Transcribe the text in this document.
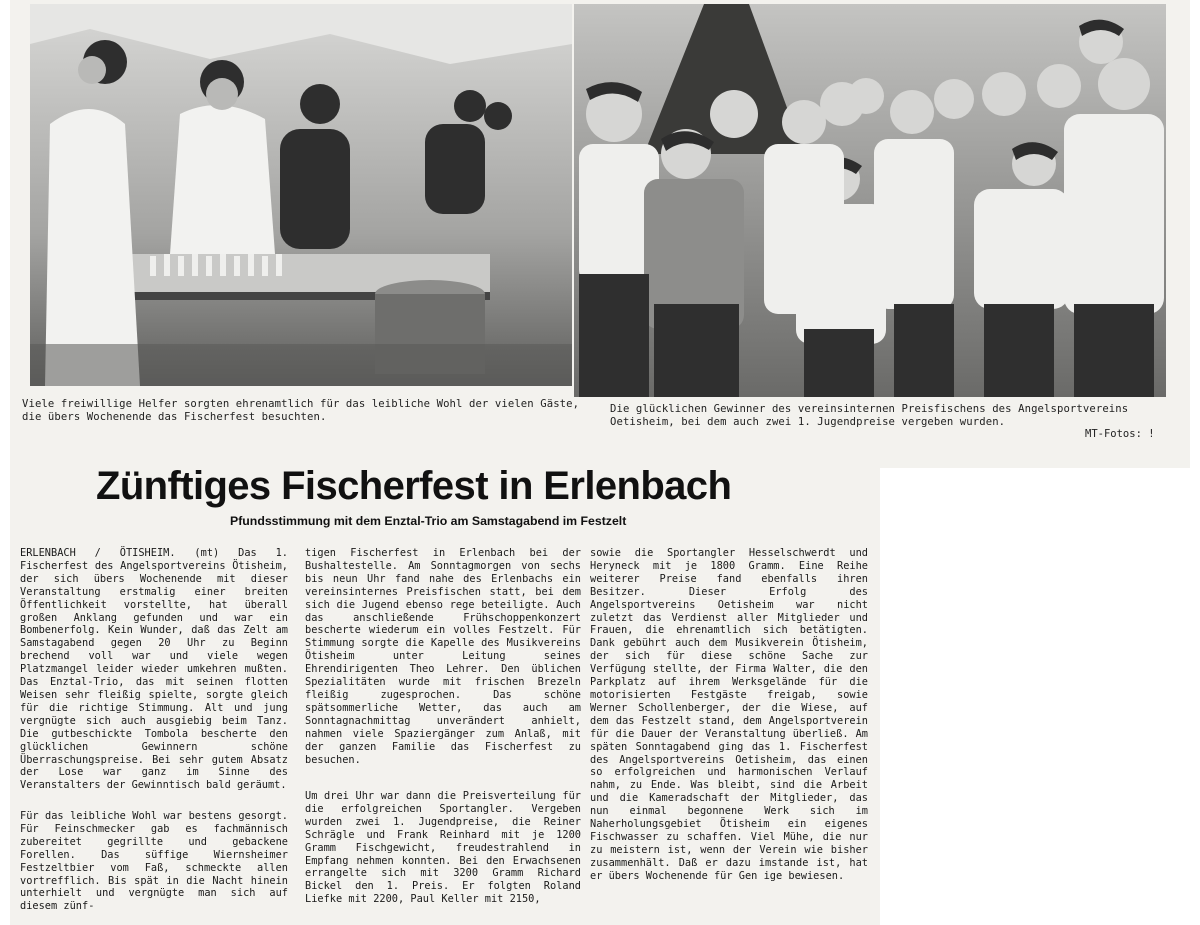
Viele freiwillige Helfer sorgten ehrenamtlich für das leibliche Wohl der vielen Gäste,
die übers Wochenende das Fischerfest besuchten.
Die glücklichen Gewinner des vereinsinternen Preisfischens des Angelsportvereins
Oetisheim, bei dem auch zwei 1. Jugendpreise vergeben wurden.
MT-Fotos: !
Zünftiges Fischerfest in Erlenbach
Pfundsstimmung mit dem Enztal-Trio am Samstagabend im Festzelt
ERLENBACH / ÖTISHEIM. (mt) Das 1. Fischerfest des Angelsportvereins Ötisheim, der sich übers Wochenende mit dieser Veranstaltung erstmalig einer breiten Öffentlichkeit vorstellte, hat überall großen Anklang gefunden und war ein Bombenerfolg. Kein Wunder, daß das Zelt am Samstagabend gegen 20 Uhr zu Beginn brechend voll war und viele wegen Platzmangel leider wieder umkehren mußten. Das Enztal-Trio, das mit seinen flotten Weisen sehr fleißig spielte, sorgte gleich für die richtige Stimmung. Alt und jung vergnügte sich auch ausgiebig beim Tanz. Die gutbeschickte Tombola bescherte den glücklichen Gewinnern schöne Überraschungspreise. Bei sehr gutem Absatz der Lose war ganz im Sinne des Veranstalters der Gewinntisch bald geräumt.
Für das leibliche Wohl war bestens gesorgt. Für Feinschmecker gab es fachmännisch zubereitet gegrillte und gebackene Forellen. Das süffige Wiernsheimer Festzeltbier vom Faß, schmeckte allen vortrefflich. Bis spät in die Nacht hinein unterhielt und vergnügte man sich auf diesem zünf-
tigen Fischerfest in Erlenbach bei der Bushaltestelle. Am Sonntagmorgen von sechs bis neun Uhr fand nahe des Erlenbachs ein vereinsinternes Preisfischen statt, bei dem sich die Jugend ebenso rege beteiligte. Auch das anschließende Frühschoppenkonzert bescherte wiederum ein volles Festzelt. Für Stimmung sorgte die Kapelle des Musikvereins Ötisheim unter Leitung seines Ehrendirigenten Theo Lehrer. Den üblichen Spezialitäten wurde mit frischen Brezeln fleißig zugesprochen. Das schöne spätsommerliche Wetter, das auch am Sonntagnachmittag unverändert anhielt, nahmen viele Spaziergänger zum Anlaß, mit der ganzen Familie das Fischerfest zu besuchen.
Um drei Uhr war dann die Preisverteilung für die erfolgreichen Sportangler. Vergeben wurden zwei 1. Jugendpreise, die Reiner Schrägle und Frank Reinhard mit je 1200 Gramm Fischgewicht, freudestrahlend in Empfang nehmen konnten. Bei den Erwachsenen errangelte sich mit 3200 Gramm Richard Bickel den 1. Preis. Er folgten Roland Liefke mit 2200, Paul Keller mit 2150,
sowie die Sportangler Hesselschwerdt und Heryneck mit je 1800 Gramm. Eine Reihe weiterer Preise fand ebenfalls ihren Besitzer. Dieser Erfolg des Angelsportvereins Oetisheim war nicht zuletzt das Verdienst aller Mitglieder und Frauen, die ehrenamtlich sich betätigten. Dank gebührt auch dem Musikverein Ötisheim, der sich für diese schöne Sache zur Verfügung stellte, der Firma Walter, die den Parkplatz auf ihrem Werksgelände für die motorisierten Festgäste freigab, sowie Werner Schollenberger, der die Wiese, auf dem das Festzelt stand, dem Angelsportverein für die Dauer der Veranstaltung überließ. Am späten Sonntagabend ging das 1. Fischerfest des Angelsportvereins Oetisheim, das einen so erfolgreichen und harmonischen Verlauf nahm, zu Ende. Was bleibt, sind die Arbeit und die Kameradschaft der Mitglieder, das nun einmal begonnene Werk sich im Naherholungsgebiet Ötisheim ein eigenes Fischwasser zu schaffen. Viel Mühe, die nur zu meistern ist, wenn der Verein wie bisher zusammenhält. Daß er dazu imstande ist, hat er übers Wochenende für Gen ige bewiesen.
